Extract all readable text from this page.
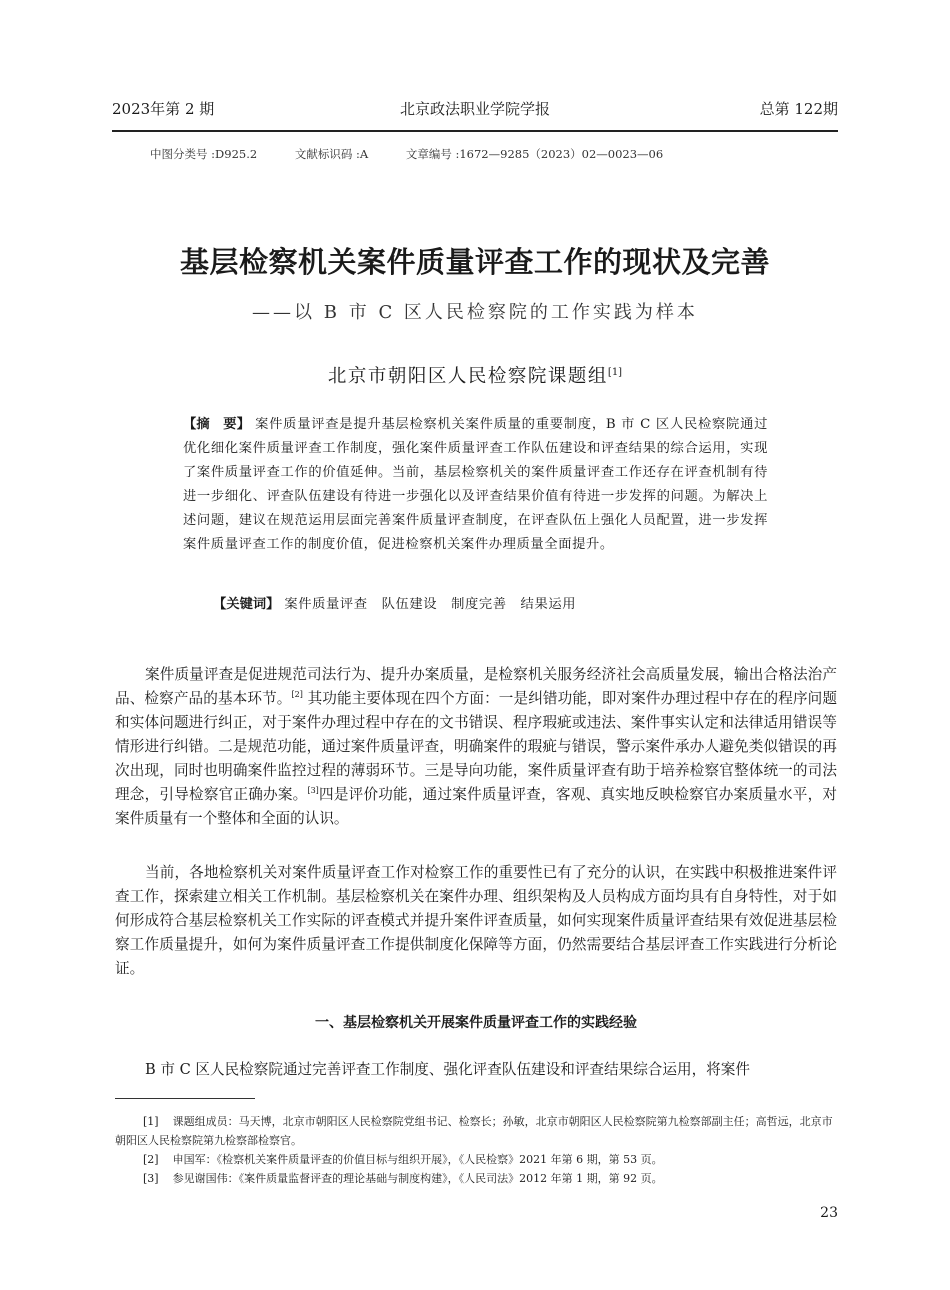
2023年第 2 期	北京政法职业学院学报	总第 122期
中图分类号 :D925.2	文献标识码 :A	文章编号 :1672—9285（2023）02—0023—06
基层检察机关案件质量评查工作的现状及完善
——以 B 市 C 区人民检察院的工作实践为样本
北京市朝阳区人民检察院课题组[1]
【摘　要】 案件质量评查是提升基层检察机关案件质量的重要制度，B 市 C 区人民检察院通过优化细化案件质量评查工作制度，强化案件质量评查工作队伍建设和评查结果的综合运用，实现了案件质量评查工作的价值延伸。当前，基层检察机关的案件质量评查工作还存在评查机制有待进一步细化、评查队伍建设有待进一步强化以及评查结果价值有待进一步发挥的问题。为解决上述问题，建议在规范运用层面完善案件质量评查制度，在评查队伍上强化人员配置，进一步发挥案件质量评查工作的制度价值，促进检察机关案件办理质量全面提升。
【关键词】 案件质量评查　队伍建设　制度完善　结果运用
案件质量评查是促进规范司法行为、提升办案质量，是检察机关服务经济社会高质量发展，输出合格法治产品、检察产品的基本环节。[2] 其功能主要体现在四个方面：一是纠错功能，即对案件办理过程中存在的程序问题和实体问题进行纠正，对于案件办理过程中存在的文书错误、程序瑕疵或违法、案件事实认定和法律适用错误等情形进行纠错。二是规范功能，通过案件质量评查，明确案件的瑕疵与错误，警示案件承办人避免类似错误的再次出现，同时也明确案件监控过程的薄弱环节。三是导向功能，案件质量评查有助于培养检察官整体统一的司法理念，引导检察官正确办案。[3]四是评价功能，通过案件质量评查，客观、真实地反映检察官办案质量水平，对案件质量有一个整体和全面的认识。
当前，各地检察机关对案件质量评查工作对检察工作的重要性已有了充分的认识，在实践中积极推进案件评查工作，探索建立相关工作机制。基层检察机关在案件办理、组织架构及人员构成方面均具有自身特性，对于如何形成符合基层检察机关工作实际的评查模式并提升案件评查质量，如何实现案件质量评查结果有效促进基层检察工作质量提升，如何为案件质量评查工作提供制度化保障等方面，仍然需要结合基层评查工作实践进行分析论证。
一、基层检察机关开展案件质量评查工作的实践经验
B 市 C 区人民检察院通过完善评查工作制度、强化评查队伍建设和评查结果综合运用，将案件
[1] 课题组成员：马天博，北京市朝阳区人民检察院党组书记、检察长；孙敏，北京市朝阳区人民检察院第九检察部副主任；高哲远，北京市朝阳区人民检察院第九检察部检察官。
[2] 申国军：《检察机关案件质量评查的价值目标与组织开展》，《人民检察》2021 年第 6 期，第 53 页。
[3] 参见谢国伟：《案件质量监督评查的理论基础与制度构建》，《人民司法》2012 年第 1 期，第 92 页。
23
